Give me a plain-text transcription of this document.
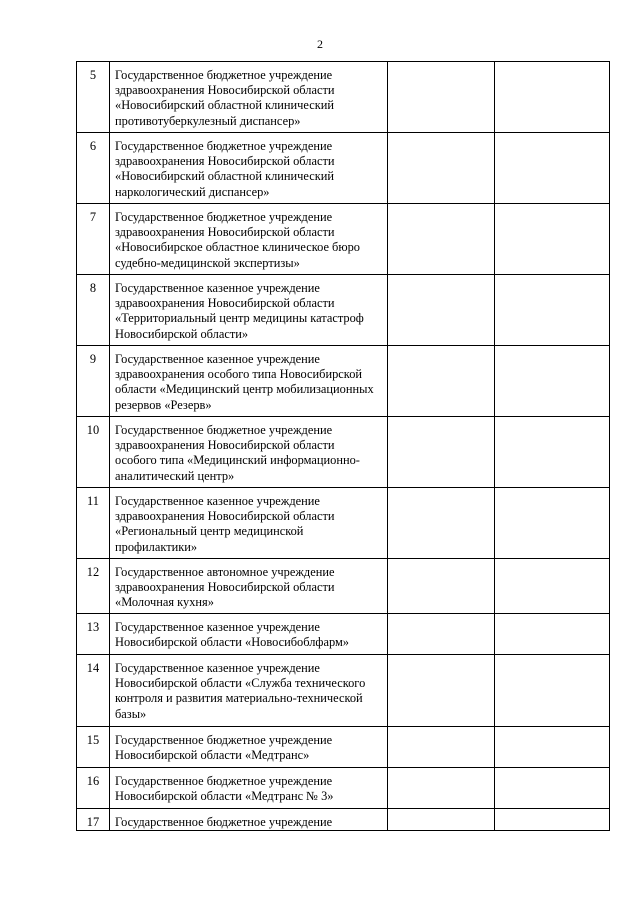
2
5	Государственное бюджетное учреждение
здравоохранения Новосибирской области
«Новосибирский областной клинический
противотуберкулезный диспансер»		

6	Государственное бюджетное учреждение
здравоохранения Новосибирской области
«Новосибирский областной клинический
наркологический диспансер»		

7	Государственное бюджетное учреждение
здравоохранения Новосибирской области
«Новосибирское областное клиническое бюро
судебно-медицинской экспертизы»		

8	Государственное казенное учреждение
здравоохранения Новосибирской области
«Территориальный центр медицины катастроф
Новосибирской области»		

9	Государственное казенное учреждение
здравоохранения особого типа Новосибирской
области «Медицинский центр мобилизационных
резервов «Резерв»		

10	Государственное бюджетное учреждение
здравоохранения Новосибирской области
особого типа «Медицинский информационно-
аналитический центр»		

11	Государственное казенное учреждение
здравоохранения Новосибирской области
«Региональный центр медицинской
профилактики»		

12	Государственное автономное учреждение
здравоохранения Новосибирской области
«Молочная кухня»		

13	Государственное казенное учреждение
Новосибирской области «Новосибоблфарм»		

14	Государственное казенное учреждение
Новосибирской области «Служба технического
контроля и развития материально-технической
базы»		

15	Государственное бюджетное учреждение
Новосибирской области «Медтранс»		

16	Государственное бюджетное учреждение
Новосибирской области «Медтранс № 3»		

17	Государственное бюджетное учреждение		
